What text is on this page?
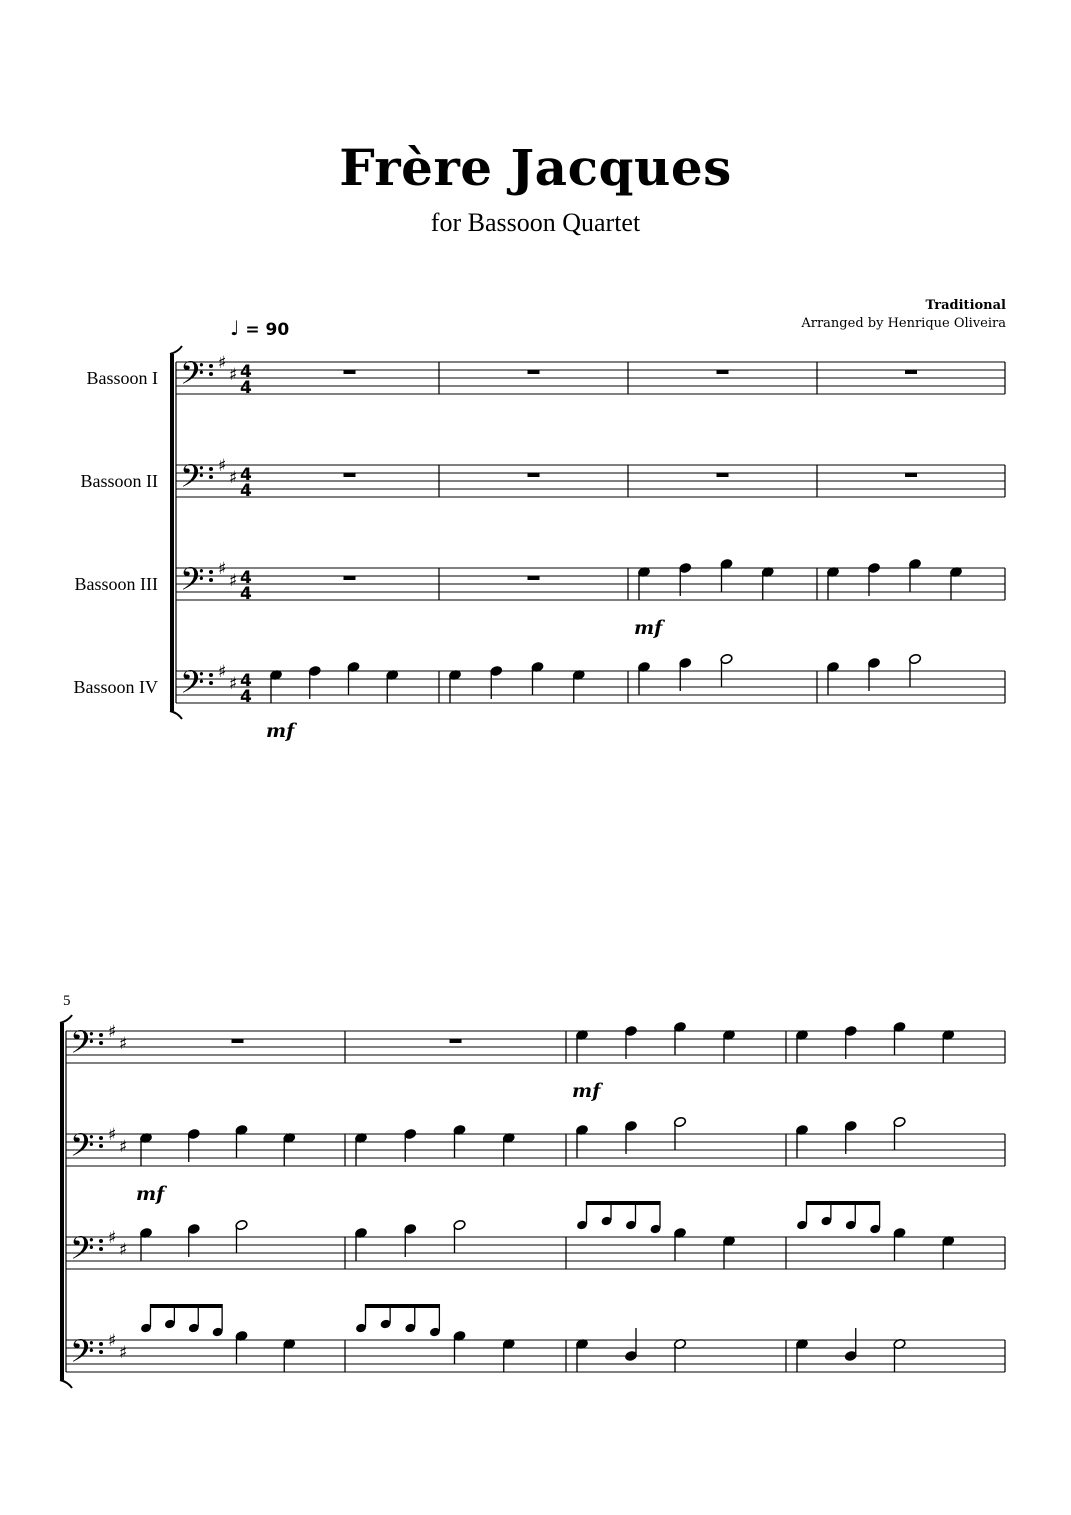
Frère Jacques
for Bassoon Quartet
Traditional
Arranged by Henrique Oliveira
♩ = 90
Bassoon I
Bassoon II
Bassoon III
Bassoon IV
5
𝄢 ♯
♯ 4
4
𝄢 ♯
♯ 4
4
𝄢 ♯
♯ 4
4
mf
𝄢 ♯
♯ 4
4
mf
𝄢 ♯
♯
mf
𝄢 ♯
♯
mf
𝄢 ♯
♯
𝄢 ♯
♯
